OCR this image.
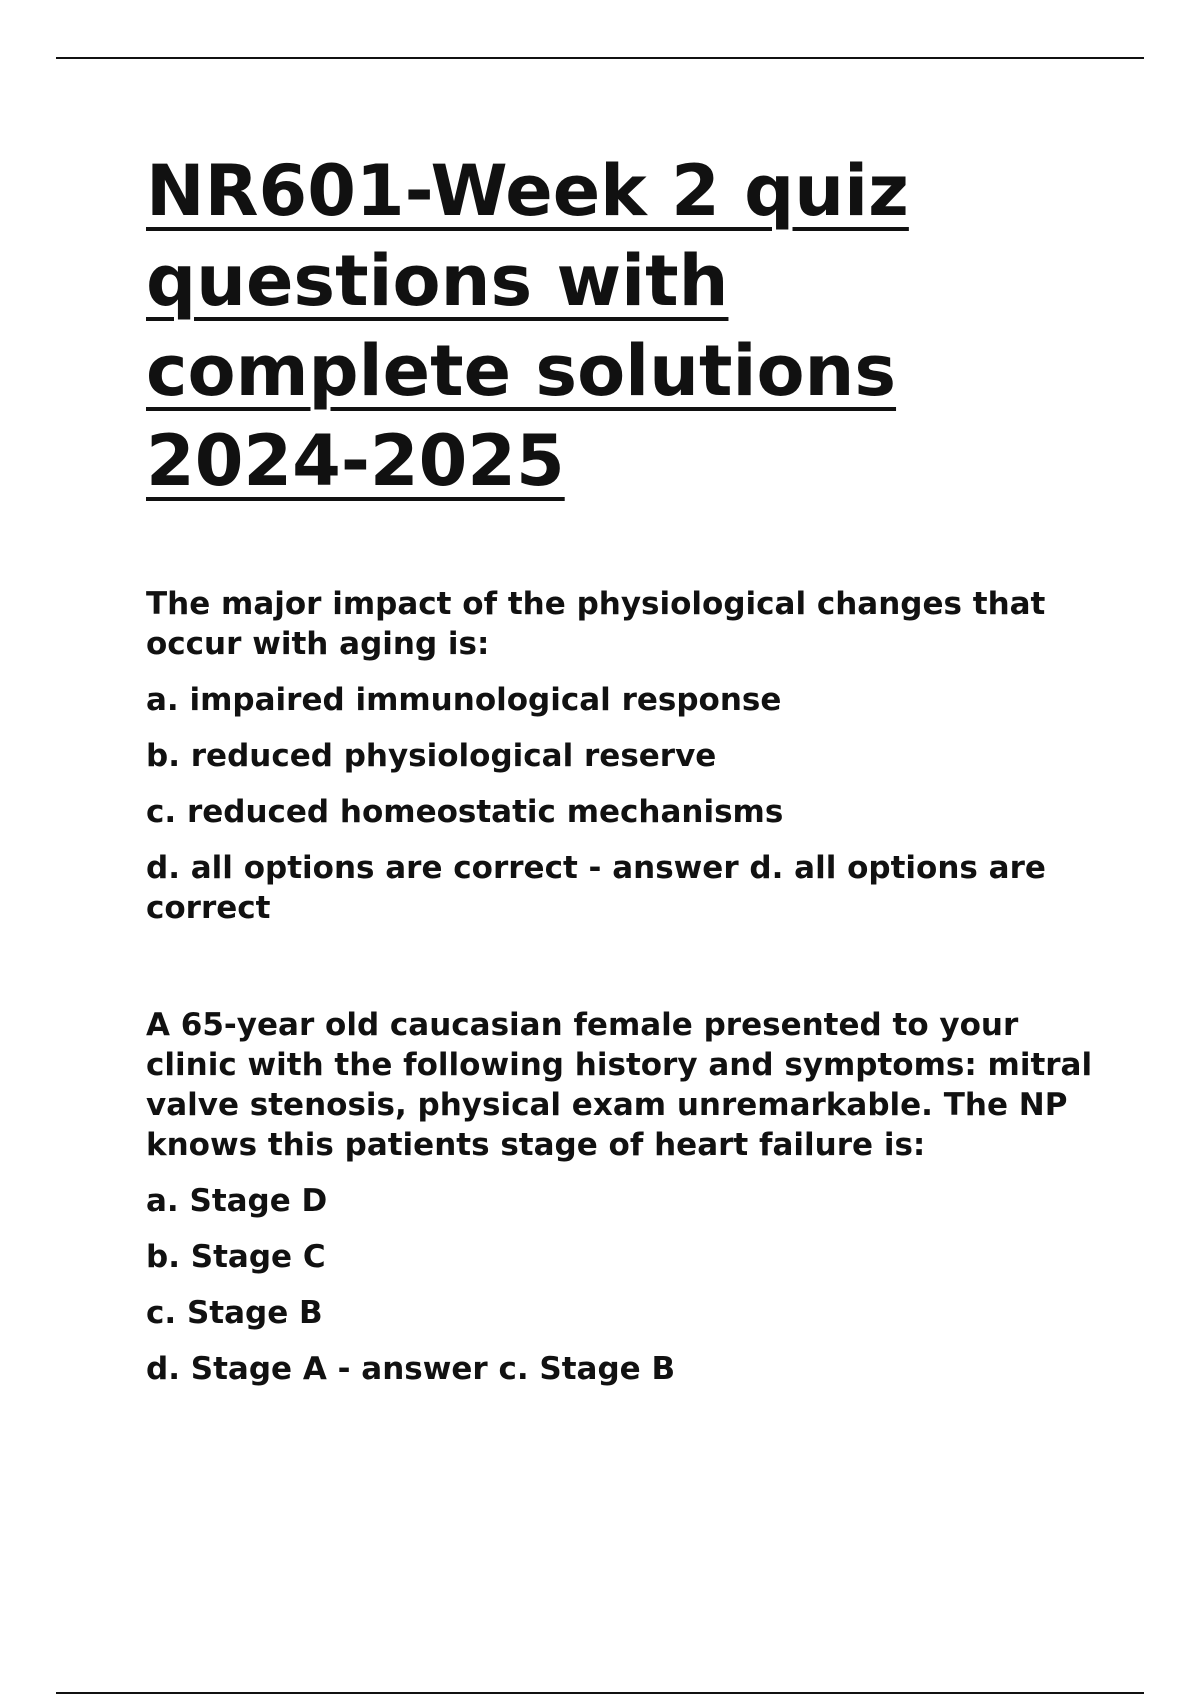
NR601-Week 2 quiz
questions with
complete solutions
2024-2025

The major impact of the physiological changes that occur with aging is:

a. impaired immunological response

b. reduced physiological reserve

c. reduced homeostatic mechanisms

d. all options are correct - answer d. all options are correct

A 65-year old caucasian female presented to your clinic with the following history and symptoms: mitral valve stenosis, physical exam unremarkable. The NP knows this patients stage of heart failure is:

a. Stage D

b. Stage C

c. Stage B

d. Stage A - answer c. Stage B
